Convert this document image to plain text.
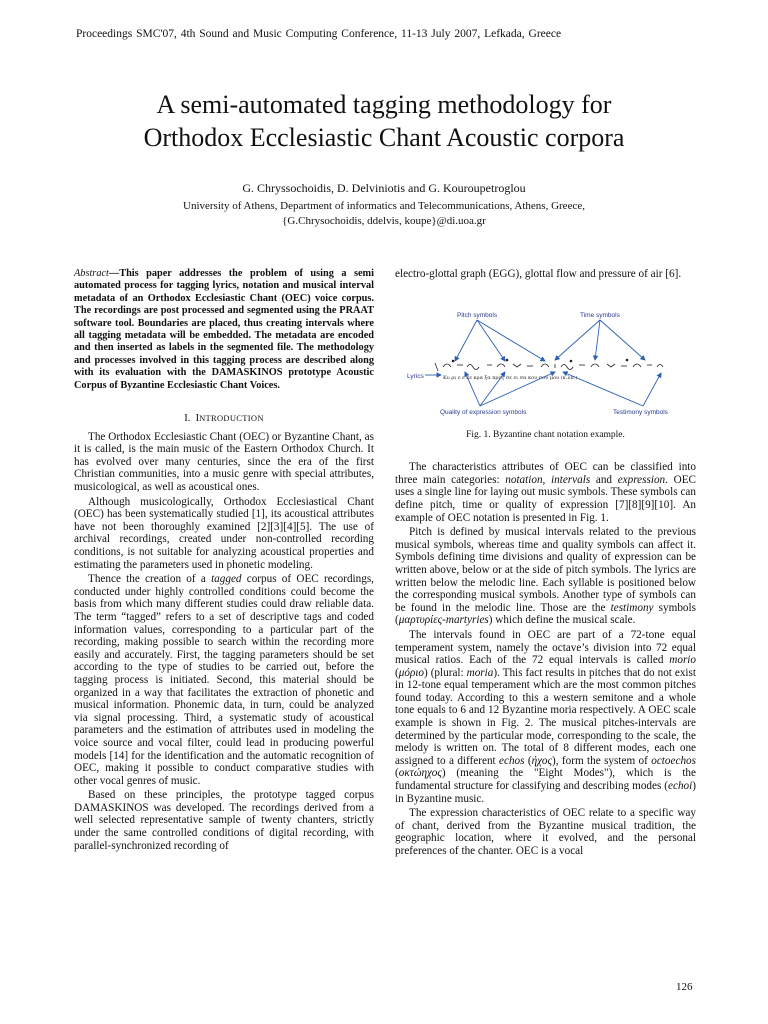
Proceedings SMC'07, 4th Sound and Music Computing Conference, 11-13 July 2007, Lefkada, Greece
A semi-automated tagging methodology for
Orthodox Ecclesiastic Chant Acoustic corpora
G. Chryssochoidis, D. Delviniotis and G. Kouroupetroglou
University of Athens, Department of informatics and Telecommunications, Athens, Greece,
{G.Chrysochoidis, ddelvis, koupe}@di.uoa.gr
Abstract—This paper addresses the problem of using a semi automated process for tagging lyrics, notation and musical interval metadata of an Orthodox Ecclesiastic Chant (OEC) voice corpus. The recordings are post processed and segmented using the PRAAT software tool. Boundaries are placed, thus creating intervals where all tagging metadata will be embedded. The metadata are encoded and then inserted as labels in the segmented file. The methodology and processes involved in this tagging process are described along with its evaluation with the DAMASKINOS prototype Acoustic Corpus of Byzantine Ecclesiastic Chant Voices.
I. INTRODUCTION

The Orthodox Ecclesiastic Chant (OEC) or Byzantine Chant, as it is called, is the main music of the Eastern Orthodox Church. It has evolved over many centuries, since the era of the first Christian communities, into a music genre with special attributes, musicological, as well as acoustical ones.

Although musicologically, Orthodox Ecclesiastical Chant (OEC) has been systematically studied [1], its acoustical attributes have not been thoroughly examined [2][3][4][5]. The use of archival recordings, created under non-controlled recording conditions, is not suitable for analyzing acoustical properties and estimating the parameters used in phonetic modeling.

Thence the creation of a tagged corpus of OEC recordings, conducted under highly controlled conditions could become the basis from which many different studies could draw reliable data. The term “tagged” refers to a set of descriptive tags and coded information values, corresponding to a particular part of the recording, making possible to search within the recording more easily and accurately. First, the tagging parameters should be set according to the type of studies to be carried out, before the tagging process is initiated. Second, this material should be organized in a way that facilitates the extraction of phonetic and musical information. Phonemic data, in turn, could be analyzed via signal processing. Third, a systematic study of acoustical parameters and the estimation of attributes used in modeling the voice source and vocal filter, could lead in producing powerful models [14] for the identification and the automatic recognition of OEC, making it possible to conduct comparative studies with other vocal genres of music.

Based on these principles, the prototype tagged corpus DAMASKINOS was developed. The recordings derived from a well selected representative sample of twenty chanters, strictly under the same controlled conditions of digital recording, with parallel-synchronized recording of

electro-glottal graph (EGG), glottal flow and pressure of air [6].

Pitch symbols	Time symbols
Lyrics
Quality of expression symbols	Testimony symbols
Κυ ρι ε ε κε κρα ξα προς σε ει σα κου σον μου (κ.λπ.)
Fig. 1. Byzantine chant notation example.

The characteristics attributes of OEC can be classified into three main categories: notation, intervals and expression. OEC uses a single line for laying out music symbols. These symbols can define pitch, time or quality of expression [7][8][9][10]. An example of OEC notation is presented in Fig. 1.

Pitch is defined by musical intervals related to the previous musical symbols, whereas time and quality symbols can affect it. Symbols defining time divisions and quality of expression can be written above, below or at the side of pitch symbols. The lyrics are written below the melodic line. Each syllable is positioned below the corresponding musical symbols. Another type of symbols can be found in the melodic line. Those are the testimony symbols (μαρτυρίες-martyries) which define the musical scale.

The intervals found in OEC are part of a 72-tone equal temperament system, namely the octave’s division into 72 equal musical ratios. Each of the 72 equal intervals is called morio (μόριο) (plural: moria). This fact results in pitches that do not exist in 12-tone equal temperament which are the most common pitches found today. According to this a western semitone and a whole tone equals to 6 and 12 Byzantine moria respectively. A OEC scale example is shown in Fig. 2. The musical pitches-intervals are determined by the particular mode, corresponding to the scale, the melody is written on. The total of 8 different modes, each one assigned to a different echos (ήχος), form the system of octoechos (οκτώηχος) (meaning the "Eight Modes"), which is the fundamental structure for classifying and describing modes (echoi) in Byzantine music.

The expression characteristics of OEC relate to a specific way of chant, derived from the Byzantine musical tradition, the geographic location, where it evolved, and the personal preferences of the chanter. OEC is a vocal

126
